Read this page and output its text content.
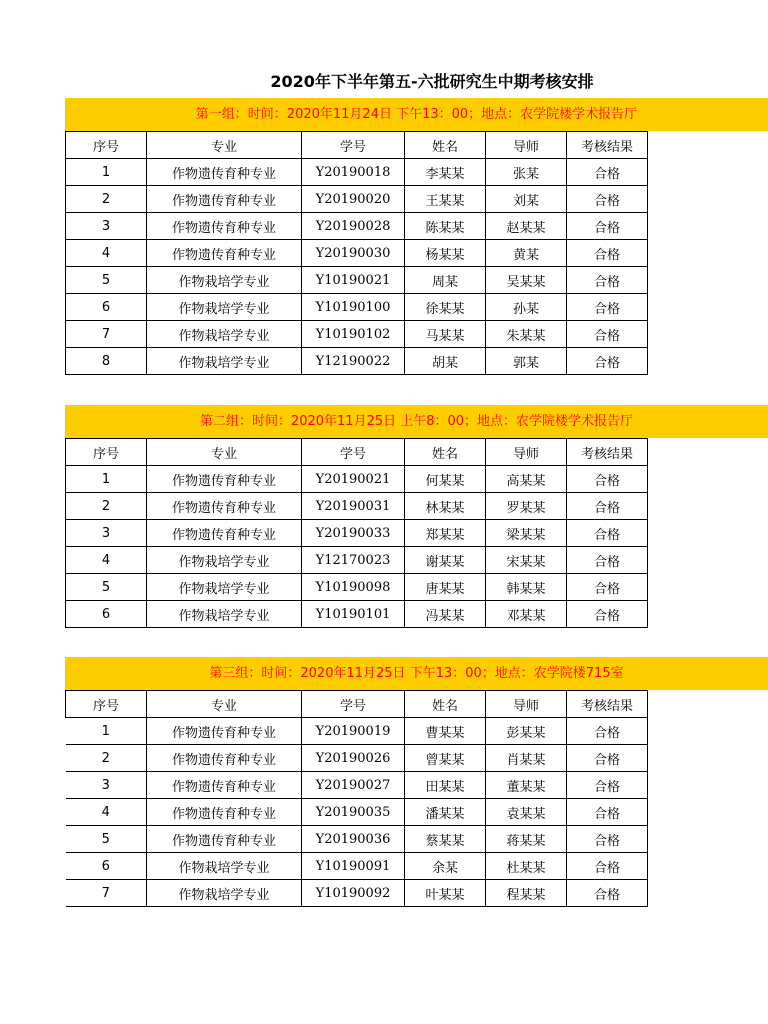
2020年下半年第五-六批研究生中期考核安排
第一组：时间：2020年11月24日 下午13：00；地点：农学院楼学术报告厅
序号	专业	学号	姓名	导师	考核结果
1	作物遗传育种专业	Y20190018	李某某	张某	合格
2	作物遗传育种专业	Y20190020	王某某	刘某	合格
3	作物遗传育种专业	Y20190028	陈某某	赵某某	合格
4	作物遗传育种专业	Y20190030	杨某某	黄某	合格
5	作物栽培学专业	Y10190021	周某	吴某某	合格
6	作物栽培学专业	Y10190100	徐某某	孙某	合格
7	作物栽培学专业	Y10190102	马某某	朱某某	合格
8	作物栽培学专业	Y12190022	胡某	郭某	合格
第二组：时间：2020年11月25日 上午8：00；地点：农学院楼学术报告厅
序号	专业	学号	姓名	导师	考核结果
1	作物遗传育种专业	Y20190021	何某某	高某某	合格
2	作物遗传育种专业	Y20190031	林某某	罗某某	合格
3	作物遗传育种专业	Y20190033	郑某某	梁某某	合格
4	作物栽培学专业	Y12170023	谢某某	宋某某	合格
5	作物栽培学专业	Y10190098	唐某某	韩某某	合格
6	作物栽培学专业	Y10190101	冯某某	邓某某	合格
第三组：时间：2020年11月25日 下午13：00；地点：农学院楼715室
序号	专业	学号	姓名	导师	考核结果
1	作物遗传育种专业	Y20190019	曹某某	彭某某	合格
2	作物遗传育种专业	Y20190026	曾某某	肖某某	合格
3	作物遗传育种专业	Y20190027	田某某	董某某	合格
4	作物遗传育种专业	Y20190035	潘某某	袁某某	合格
5	作物遗传育种专业	Y20190036	蔡某某	蒋某某	合格
6	作物栽培学专业	Y10190091	余某	杜某某	合格
7	作物栽培学专业	Y10190092	叶某某	程某某	合格
